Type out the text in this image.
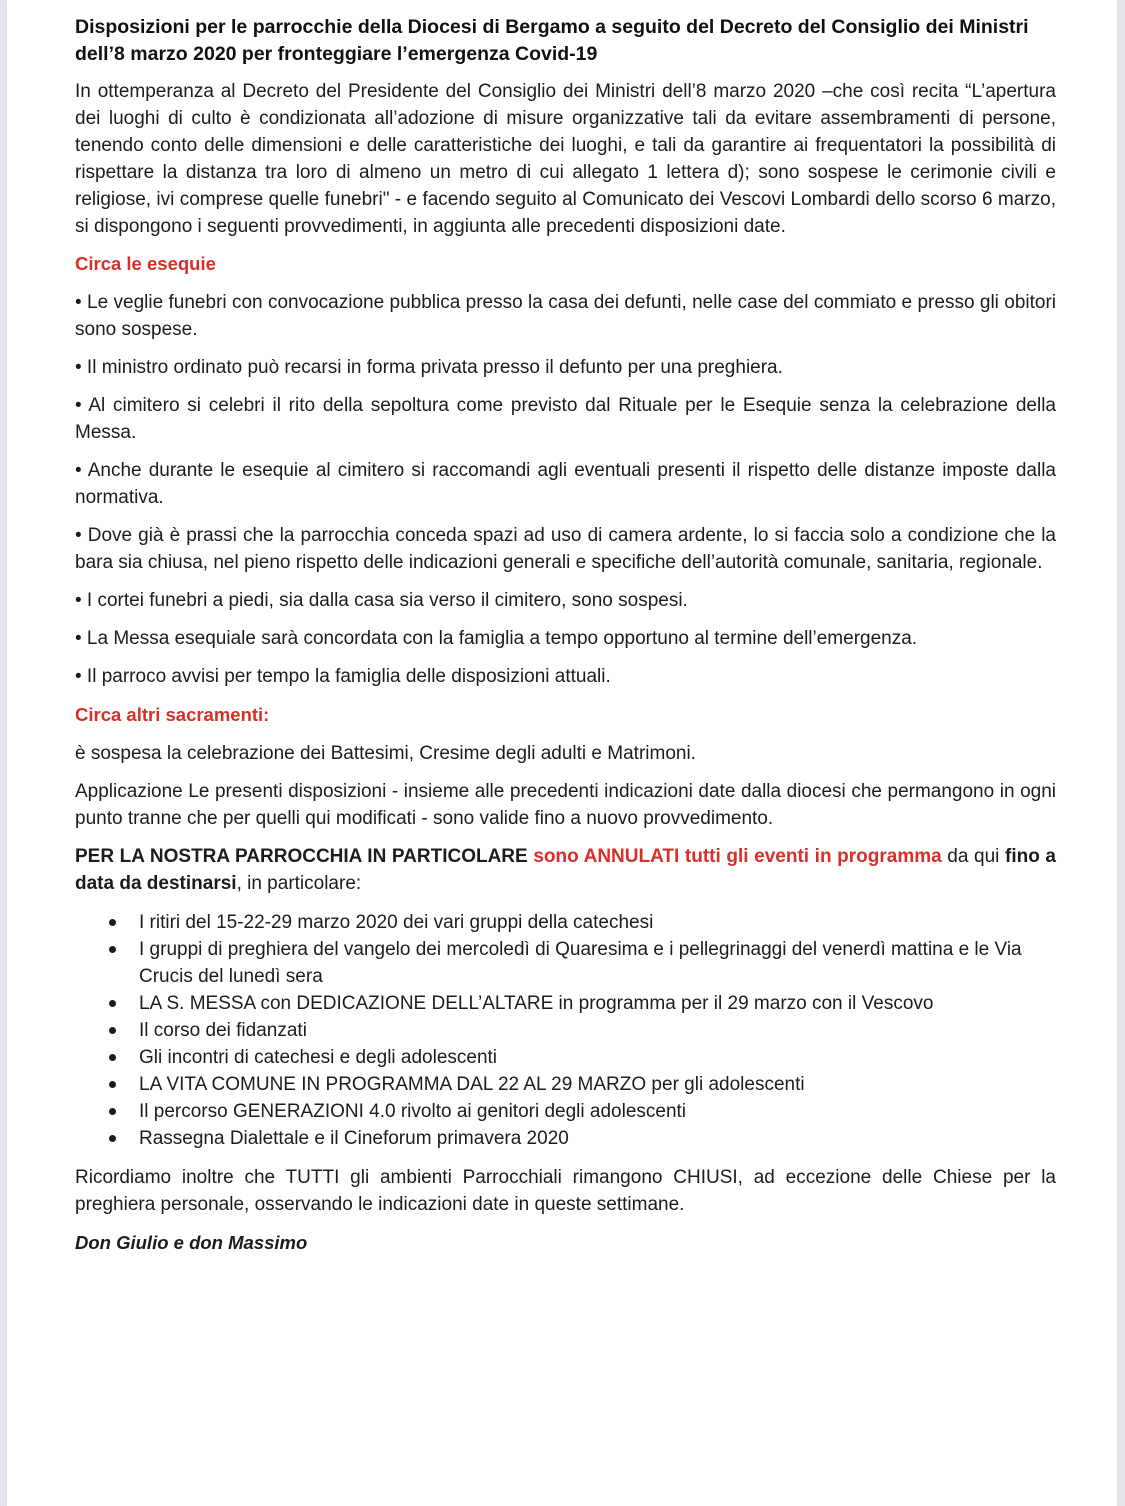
Disposizioni per le parrocchie della Diocesi di Bergamo a seguito del Decreto del Consiglio dei Ministri dell’8 marzo 2020 per fronteggiare l’emergenza Covid-19

In ottemperanza al Decreto del Presidente del Consiglio dei Ministri dell’8 marzo 2020 –che così recita “L’apertura dei luoghi di culto è condizionata all’adozione di misure organizzative tali da evitare assembramenti di persone, tenendo conto delle dimensioni e delle caratteristiche dei luoghi, e tali da garantire ai frequentatori la possibilità di rispettare la distanza tra loro di almeno un metro di cui allegato 1 lettera d); sono sospese le cerimonie civili e religiose, ivi comprese quelle funebri" - e facendo seguito al Comunicato dei Vescovi Lombardi dello scorso 6 marzo, si dispongono i seguenti provvedimenti, in aggiunta alle precedenti disposizioni date.

Circa le esequie

• Le veglie funebri con convocazione pubblica presso la casa dei defunti, nelle case del commiato e presso gli obitori sono sospese.

• Il ministro ordinato può recarsi in forma privata presso il defunto per una preghiera.

• Al cimitero si celebri il rito della sepoltura come previsto dal Rituale per le Esequie senza la celebrazione della Messa.

• Anche durante le esequie al cimitero si raccomandi agli eventuali presenti il rispetto delle distanze imposte dalla normativa.

• Dove già è prassi che la parrocchia conceda spazi ad uso di camera ardente, lo si faccia solo a condizione che la bara sia chiusa, nel pieno rispetto delle indicazioni generali e specifiche dell’autorità comunale, sanitaria, regionale.

• I cortei funebri a piedi, sia dalla casa sia verso il cimitero, sono sospesi.

• La Messa esequiale sarà concordata con la famiglia a tempo opportuno al termine dell’emergenza.

• Il parroco avvisi per tempo la famiglia delle disposizioni attuali.

Circa altri sacramenti:

è sospesa la celebrazione dei Battesimi, Cresime degli adulti e Matrimoni.

Applicazione Le presenti disposizioni - insieme alle precedenti indicazioni date dalla diocesi che permangono in ogni punto tranne che per quelli qui modificati - sono valide fino a nuovo provvedimento.

PER LA NOSTRA PARROCCHIA IN PARTICOLARE sono ANNULATI tutti gli eventi in programma da qui fino a data da destinarsi, in particolare:

I ritiri del 15-22-29 marzo 2020 dei vari gruppi della catechesi
I gruppi di preghiera del vangelo dei mercoledì di Quaresima e i pellegrinaggi del venerdì mattina e le Via Crucis del lunedì sera
LA S. MESSA con DEDICAZIONE DELL’ALTARE in programma per il 29 marzo con il Vescovo
Il corso dei fidanzati
Gli incontri di catechesi e degli adolescenti
LA VITA COMUNE IN PROGRAMMA DAL 22 AL 29 MARZO per gli adolescenti
Il percorso GENERAZIONI 4.0 rivolto ai genitori degli adolescenti
Rassegna Dialettale e il Cineforum primavera 2020

Ricordiamo inoltre che TUTTI gli ambienti Parrocchiali rimangono CHIUSI, ad eccezione delle Chiese per la preghiera personale, osservando le indicazioni date in queste settimane.

Don Giulio e don Massimo
